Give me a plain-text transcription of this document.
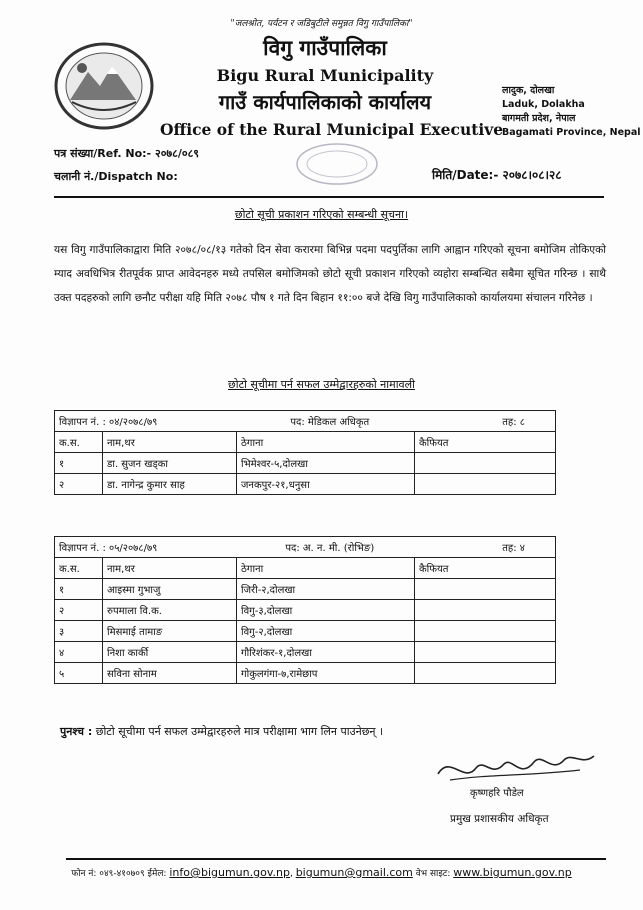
"जलश्रोत, पर्यटन र जडिबुटीले समुन्नत विगु गाउँपालिका"
विगु गाउँपालिका
Bigu Rural Municipality
गाउँ कार्यपालिकाको कार्यालय
Office of the Rural Municipal Executive
लादुक, दोलखा
Laduk, Dolakha
बागमती प्रदेश, नेपाल
Bagamati Province, Nepal
पत्र संख्या/Ref. No:- २०७८/०८९
चलानी नं./Dispatch No:	मिति/Date:- २०७८।०८।२८
छोटो सूची प्रकाशन गरिएको सम्बन्धी सूचना।
यस विगु गाउँपालिकाद्वारा मिति २०७८/०८/१३ गतेको दिन सेवा करारमा बिभिन्न पदमा पदपुर्तिका लागि आह्वान गरिएको सूचना बमोजिम तोकिएको म्याद अवधिभित्र रीतपूर्वक प्राप्त आवेदनहरु मध्ये तपसिल बमोजिमको छोटो सूची प्रकाशन गरिएको व्यहोरा सम्बन्धित सबैमा सूचित गरिन्छ । साथै उक्त पदहरुको लागि छनौट परीक्षा यहि मिति २०७८ पौष १ गते दिन बिहान ११:०० बजे देखि विगु गाउँपालिकाको कार्यालयमा संचालन गरिनेछ ।
छोटो सूचीमा पर्न सफल उम्मेद्वारहरुको नामावली
विज्ञापन नं. : ०४/२०७८/७९ पद: मेडिकल अधिकृत तह: ८			

क.स.	नाम,थर	ठेगाना	कैफियत
१	डा. सुजन खड्का	भिमेश्वर-५,दोलखा	
२	डा. नागेन्द्र कुमार साह	जनकपुर-२१,धनुसा	
विज्ञापन नं. : ०५/२०७८/७९ पद: अ. न. मी. (रोभिङ) तह: ४			

क.स.	नाम,थर	ठेगाना	कैफियत
१	आइस्मा गुभाजु	जिरी-२,दोलखा	
२	रुपमाला वि.क.	विगु-३,दोलखा	
३	मिसमाई तामाङ	विगु-२,दोलखा	
४	निशा कार्की	गौरिशंकर-१,दोलखा	
५	सविना सोनाम	गोकुलगंगा-७,रामेछाप	
पुनश्च : छोटो सूचीमा पर्न सफल उम्मेद्वारहरुले मात्र परीक्षामा भाग लिन पाउनेछन् ।
कृष्णहरि पौडेल
प्रमुख प्रशासकीय अधिकृत
फोन नं: ०४९-४१०७०९ ईमेल: info@bigumun.gov.np, bigumun@gmail.com वेभ साइट: www.bigumun.gov.np
